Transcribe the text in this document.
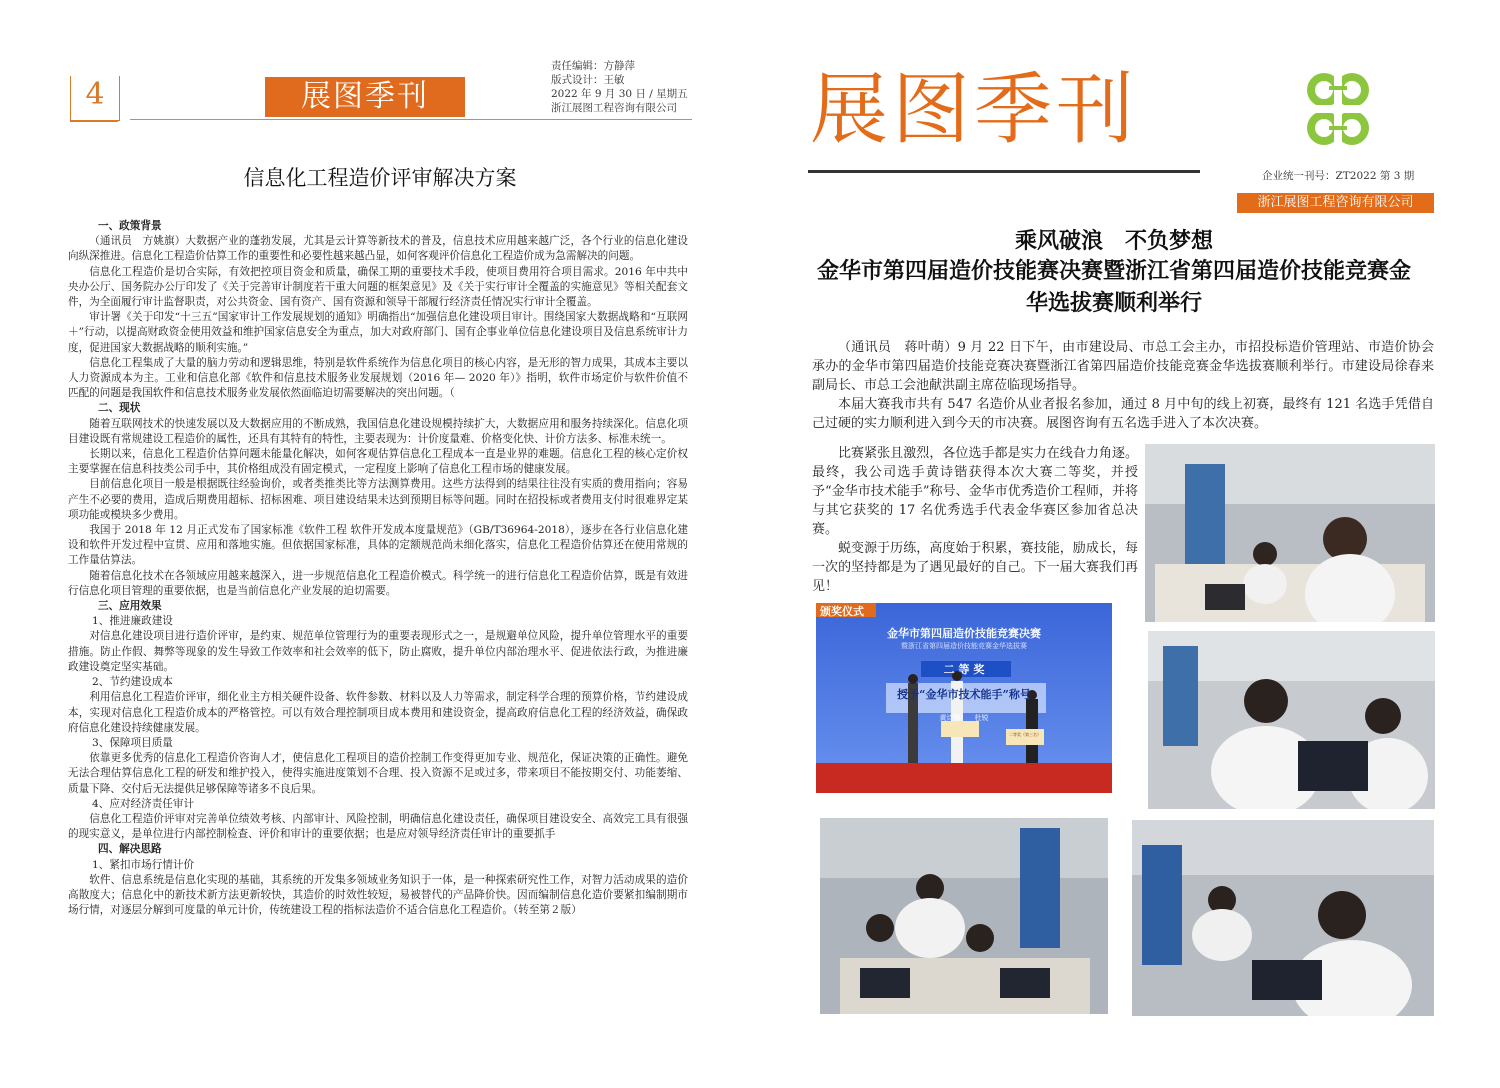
4	展图季刊
责任编辑：方静萍
版式设计：王敏
2022 年 9 月 30 日 / 星期五
浙江展图工程咨询有限公司
信息化工程造价评审解决方案
一、政策背景

（通讯员　方姚旗）大数据产业的蓬勃发展，尤其是云计算等新技术的普及，信息技术应用越来越广泛，各个行业的信息化建设向纵深推进。信息化工程造价估算工作的重要性和必要性越来越凸显，如何客观评价信息化工程造价成为急需解决的问题。

信息化工程造价是切合实际，有效把控项目资金和质量，确保工期的重要技术手段，使项目费用符合项目需求。2016 年中共中央办公厅、国务院办公厅印发了《关于完善审计制度若干重大问题的框架意见》及《关于实行审计全覆盖的实施意见》等相关配套文件，为全面履行审计监督职责，对公共资金、国有资产、国有资源和领导干部履行经济责任情况实行审计全覆盖。

审计署《关于印发“十三五”国家审计工作发展规划的通知》明确指出“加强信息化建设项目审计。围绕国家大数据战略和“互联网＋”行动，以提高财政资金使用效益和维护国家信息安全为重点，加大对政府部门、国有企事业单位信息化建设项目及信息系统审计力度，促进国家大数据战略的顺利实施。”

信息化工程集成了大量的脑力劳动和逻辑思维，特别是软件系统作为信息化项目的核心内容，是无形的智力成果，其成本主要以人力资源成本为主。工业和信息化部《软件和信息技术服务业发展规划（2016 年— 2020 年）》指明，软件市场定价与软件价值不匹配的问题是我国软件和信息技术服务业发展依然面临迫切需要解决的突出问题。（

二、现状

随着互联网技术的快速发展以及大数据应用的不断成熟，我国信息化建设规模持续扩大，大数据应用和服务持续深化。信息化项目建设既有常规建设工程造价的属性，还具有其特有的特性，主要表现为：计价度量难、价格变化快、计价方法多、标准未统一。

长期以来，信息化工程造价估算问题未能量化解决，如何客观估算信息化工程成本一直是业界的难题。信息化工程的核心定价权主要掌握在信息科技类公司手中，其价格组成没有固定模式，一定程度上影响了信息化工程市场的健康发展。

目前信息化项目一般是根据既往经验询价，或者类推类比等方法测算费用。这些方法得到的结果往往没有实质的费用指向；容易产生不必要的费用，造成后期费用超标、招标困难、项目建设结果未达到预期目标等问题。同时在招投标或者费用支付时很难界定某项功能或模块多少费用。

我国于 2018 年 12 月正式发布了国家标准《软件工程 软件开发成本度量规范》（GB/T36964-2018），逐步在各行业信息化建设和软件开发过程中宣贯、应用和落地实施。但依据国家标准，具体的定额规范尚未细化落实，信息化工程造价估算还在使用常规的工作量估算法。

随着信息化技术在各领域应用越来越深入，进一步规范信息化工程造价模式。科学统一的进行信息化工程造价估算，既是有效进行信息化项目管理的重要依据，也是当前信息化产业发展的迫切需要。

三、应用效果
1、推进廉政建设

对信息化建设项目进行造价评审，是约束、规范单位管理行为的重要表现形式之一，是规避单位风险，提升单位管理水平的重要措施。防止作假、舞弊等现象的发生导致工作效率和社会效率的低下，防止腐败，提升单位内部治理水平、促进依法行政，为推进廉政建设奠定坚实基础。

2、节约建设成本

利用信息化工程造价评审，细化业主方相关硬件设备、软件参数、材料以及人力等需求，制定科学合理的预算价格，节约建设成本，实现对信息化工程造价成本的严格管控。可以有效合理控制项目成本费用和建设资金，提高政府信息化工程的经济效益，确保政府信息化建设持续健康发展。

3、保障项目质量

依靠更多优秀的信息化工程造价咨询人才，使信息化工程项目的造价控制工作变得更加专业、规范化，保证决策的正确性。避免无法合理估算信息化工程的研发和维护投入，使得实施进度策划不合理、投入资源不足或过多，带来项目不能按期交付、功能萎缩、质量下降、交付后无法提供足够保障等诸多不良后果。

4、应对经济责任审计

信息化工程造价评审对完善单位绩效考核、内部审计、风险控制，明确信息化建设责任，确保项目建设安全、高效完工具有很强的现实意义，是单位进行内部控制检查、评价和审计的重要依据；也是应对领导经济责任审计的重要抓手

四、解决思路
1、紧扣市场行情计价

软件、信息系统是信息化实现的基础，其系统的开发集多领域业务知识于一体，是一种探索研究性工作，对智力活动成果的造价高散度大；信息化中的新技术新方法更新较快，其造价的时效性较短，易被替代的产品降价快。因而编制信息化造价要紧扣编制期市场行情，对逐层分解到可度量的单元计价，传统建设工程的指标法造价不适合信息化工程造价。（转至第２版）

展图季刊
企业统一刊号：ZT2022 第 3 期
浙江展图工程咨询有限公司
乘风破浪　不负梦想
金华市第四届造价技能赛决赛暨浙江省第四届造价技能竞赛金华选拔赛顺利举行

（通讯员　蒋叶萌）9 月 22 日下午，由市建设局、市总工会主办，市招投标造价管理站、市造价协会承办的金华市第四届造价技能竞赛决赛暨浙江省第四届造价技能竞赛金华选拔赛顺利举行。市建设局徐春来副局长、市总工会池献洪副主席莅临现场指导。

本届大赛我市共有 547 名造价从业者报名参加，通过 8 月中旬的线上初赛，最终有 121 名选手凭借自己过硬的实力顺利进入到今天的市决赛。展图咨询有五名选手进入了本次决赛。

比赛紧张且激烈，各位选手都是实力在线旮力角逐。最终，我公司选手黄诗锴获得本次大赛二等奖，并授予“金华市技术能手”称号、金华市优秀造价工程师，并将与其它获奖的 17 名优秀选手代表金华赛区参加省总决赛。

蜕变源于历练，高度始于积累，赛技能，励成长，每一次的坚持都是为了遇见最好的自己。下一届大赛我们再见！

颁奖仪式
金华市第四届造价技能竞赛决赛
暨浙江省第四届造价技能竞赛金华选拔赛
二 等 奖
授予“金华市技术能手”称号
黄诗锴　　杜锐
二等奖（第三名）
